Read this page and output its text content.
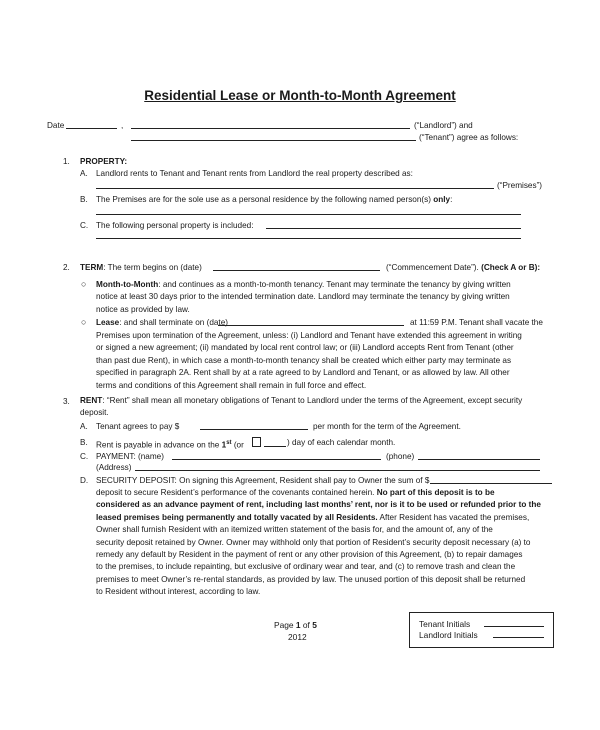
Residential Lease or Month-to-Month Agreement
Date	,	(“Landlord”) and
(“Tenant”) agree as follows:
1. PROPERTY:
A. Landlord rents to Tenant and Tenant rents from Landlord the real property described as:
(“Premises”)
B. The Premises are for the sole use as a personal residence by the following named person(s) only:
C. The following personal property is included:
2. TERM: The term begins on (date)	(“Commencement Date”). (Check A or B):
○ Month-to-Month: and continues as a month-to-month tenancy. Tenant may terminate the tenancy by giving written
notice at least 30 days prior to the intended termination date. Landlord may terminate the tenancy by giving written
notice as provided by law.
○ Lease: and shall terminate on (date)	at 11:59 P.M. Tenant shall vacate the
Premises upon termination of the Agreement, unless: (i) Landlord and Tenant have extended this agreement in writing
or signed a new agreement; (ii) mandated by local rent control law; or (iii) Landlord accepts Rent from Tenant (other
than past due Rent), in which case a month-to-month tenancy shall be created which either party may terminate as
specified in paragraph 2A. Rent shall by at a rate agreed to by Landlord and Tenant, or as allowed by law. All other
terms and conditions of this Agreement shall remain in full force and effect.
3. RENT: “Rent” shall mean all monetary obligations of Tenant to Landlord under the terms of the Agreement, except security
deposit.
A. Tenant agrees to pay $	per month for the term of the Agreement.
B. Rent is payable in advance on the 1st (or	) day of each calendar month.
C. PAYMENT: (name)	(phone)
(Address)
D. SECURITY DEPOSIT: On signing this Agreement, Resident shall pay to Owner the sum of $

deposit to secure Resident’s performance of the covenants contained herein. No part of this deposit is to be

considered as an advance payment of rent, including last months’ rent, nor is it to be used or refunded prior to the

leased premises being permanently and totally vacated by all Residents. After Resident has vacated the premises,

Owner shall furnish Resident with an itemized written statement of the basis for, and the amount of, any of the

security deposit retained by Owner. Owner may withhold only that portion of Resident’s security deposit necessary (a) to

remedy any default by Resident in the payment of rent or any other provision of this Agreement, (b) to repair damages

to the premises, to include repainting, but exclusive of ordinary wear and tear, and (c) to remove trash and clean the

premises to meet Owner’s re-rental standards, as provided by law. The unused portion of this deposit shall be returned

to Resident without interest, according to law.

Page 1 of 5
2012
Tenant Initials
Landlord Initials
